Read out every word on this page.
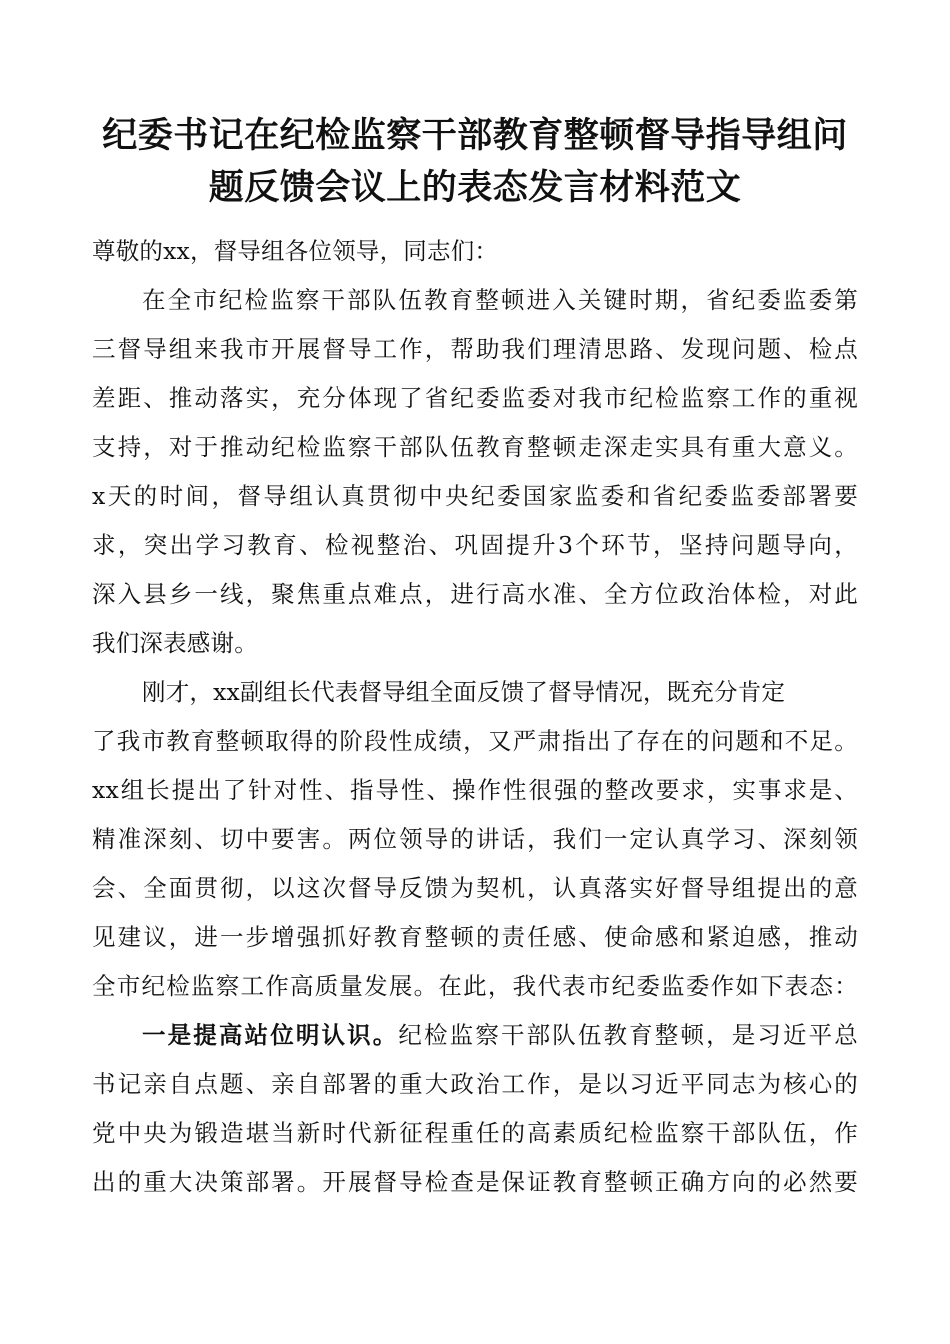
纪委书记在纪检监察干部教育整顿督导指导组问
题反馈会议上的表态发言材料范文
尊敬的xx，督导组各位领导，同志们：
在全市纪检监察干部队伍教育整顿进入关键时期，省纪委监委第
三督导组来我市开展督导工作，帮助我们理清思路、发现问题、检点
差距、推动落实，充分体现了省纪委监委对我市纪检监察工作的重视
支持，对于推动纪检监察干部队伍教育整顿走深走实具有重大意义。
x天的时间，督导组认真贯彻中央纪委国家监委和省纪委监委部署要
求，突出学习教育、检视整治、巩固提升3个环节，坚持问题导向，
深入县乡一线，聚焦重点难点，进行高水准、全方位政治体检，对此
我们深表感谢。
刚才，xx副组长代表督导组全面反馈了督导情况，既充分肯定
了我市教育整顿取得的阶段性成绩，又严肃指出了存在的问题和不足。
xx组长提出了针对性、指导性、操作性很强的整改要求，实事求是、
精准深刻、切中要害。两位领导的讲话，我们一定认真学习、深刻领
会、全面贯彻，以这次督导反馈为契机，认真落实好督导组提出的意
见建议，进一步增强抓好教育整顿的责任感、使命感和紧迫感，推动
全市纪检监察工作高质量发展。在此，我代表市纪委监委作如下表态：
一是提高站位明认识。纪检监察干部队伍教育整顿，是习近平总
书记亲自点题、亲自部署的重大政治工作，是以习近平同志为核心的
党中央为锻造堪当新时代新征程重任的高素质纪检监察干部队伍，作
出的重大决策部署。开展督导检查是保证教育整顿正确方向的必然要
